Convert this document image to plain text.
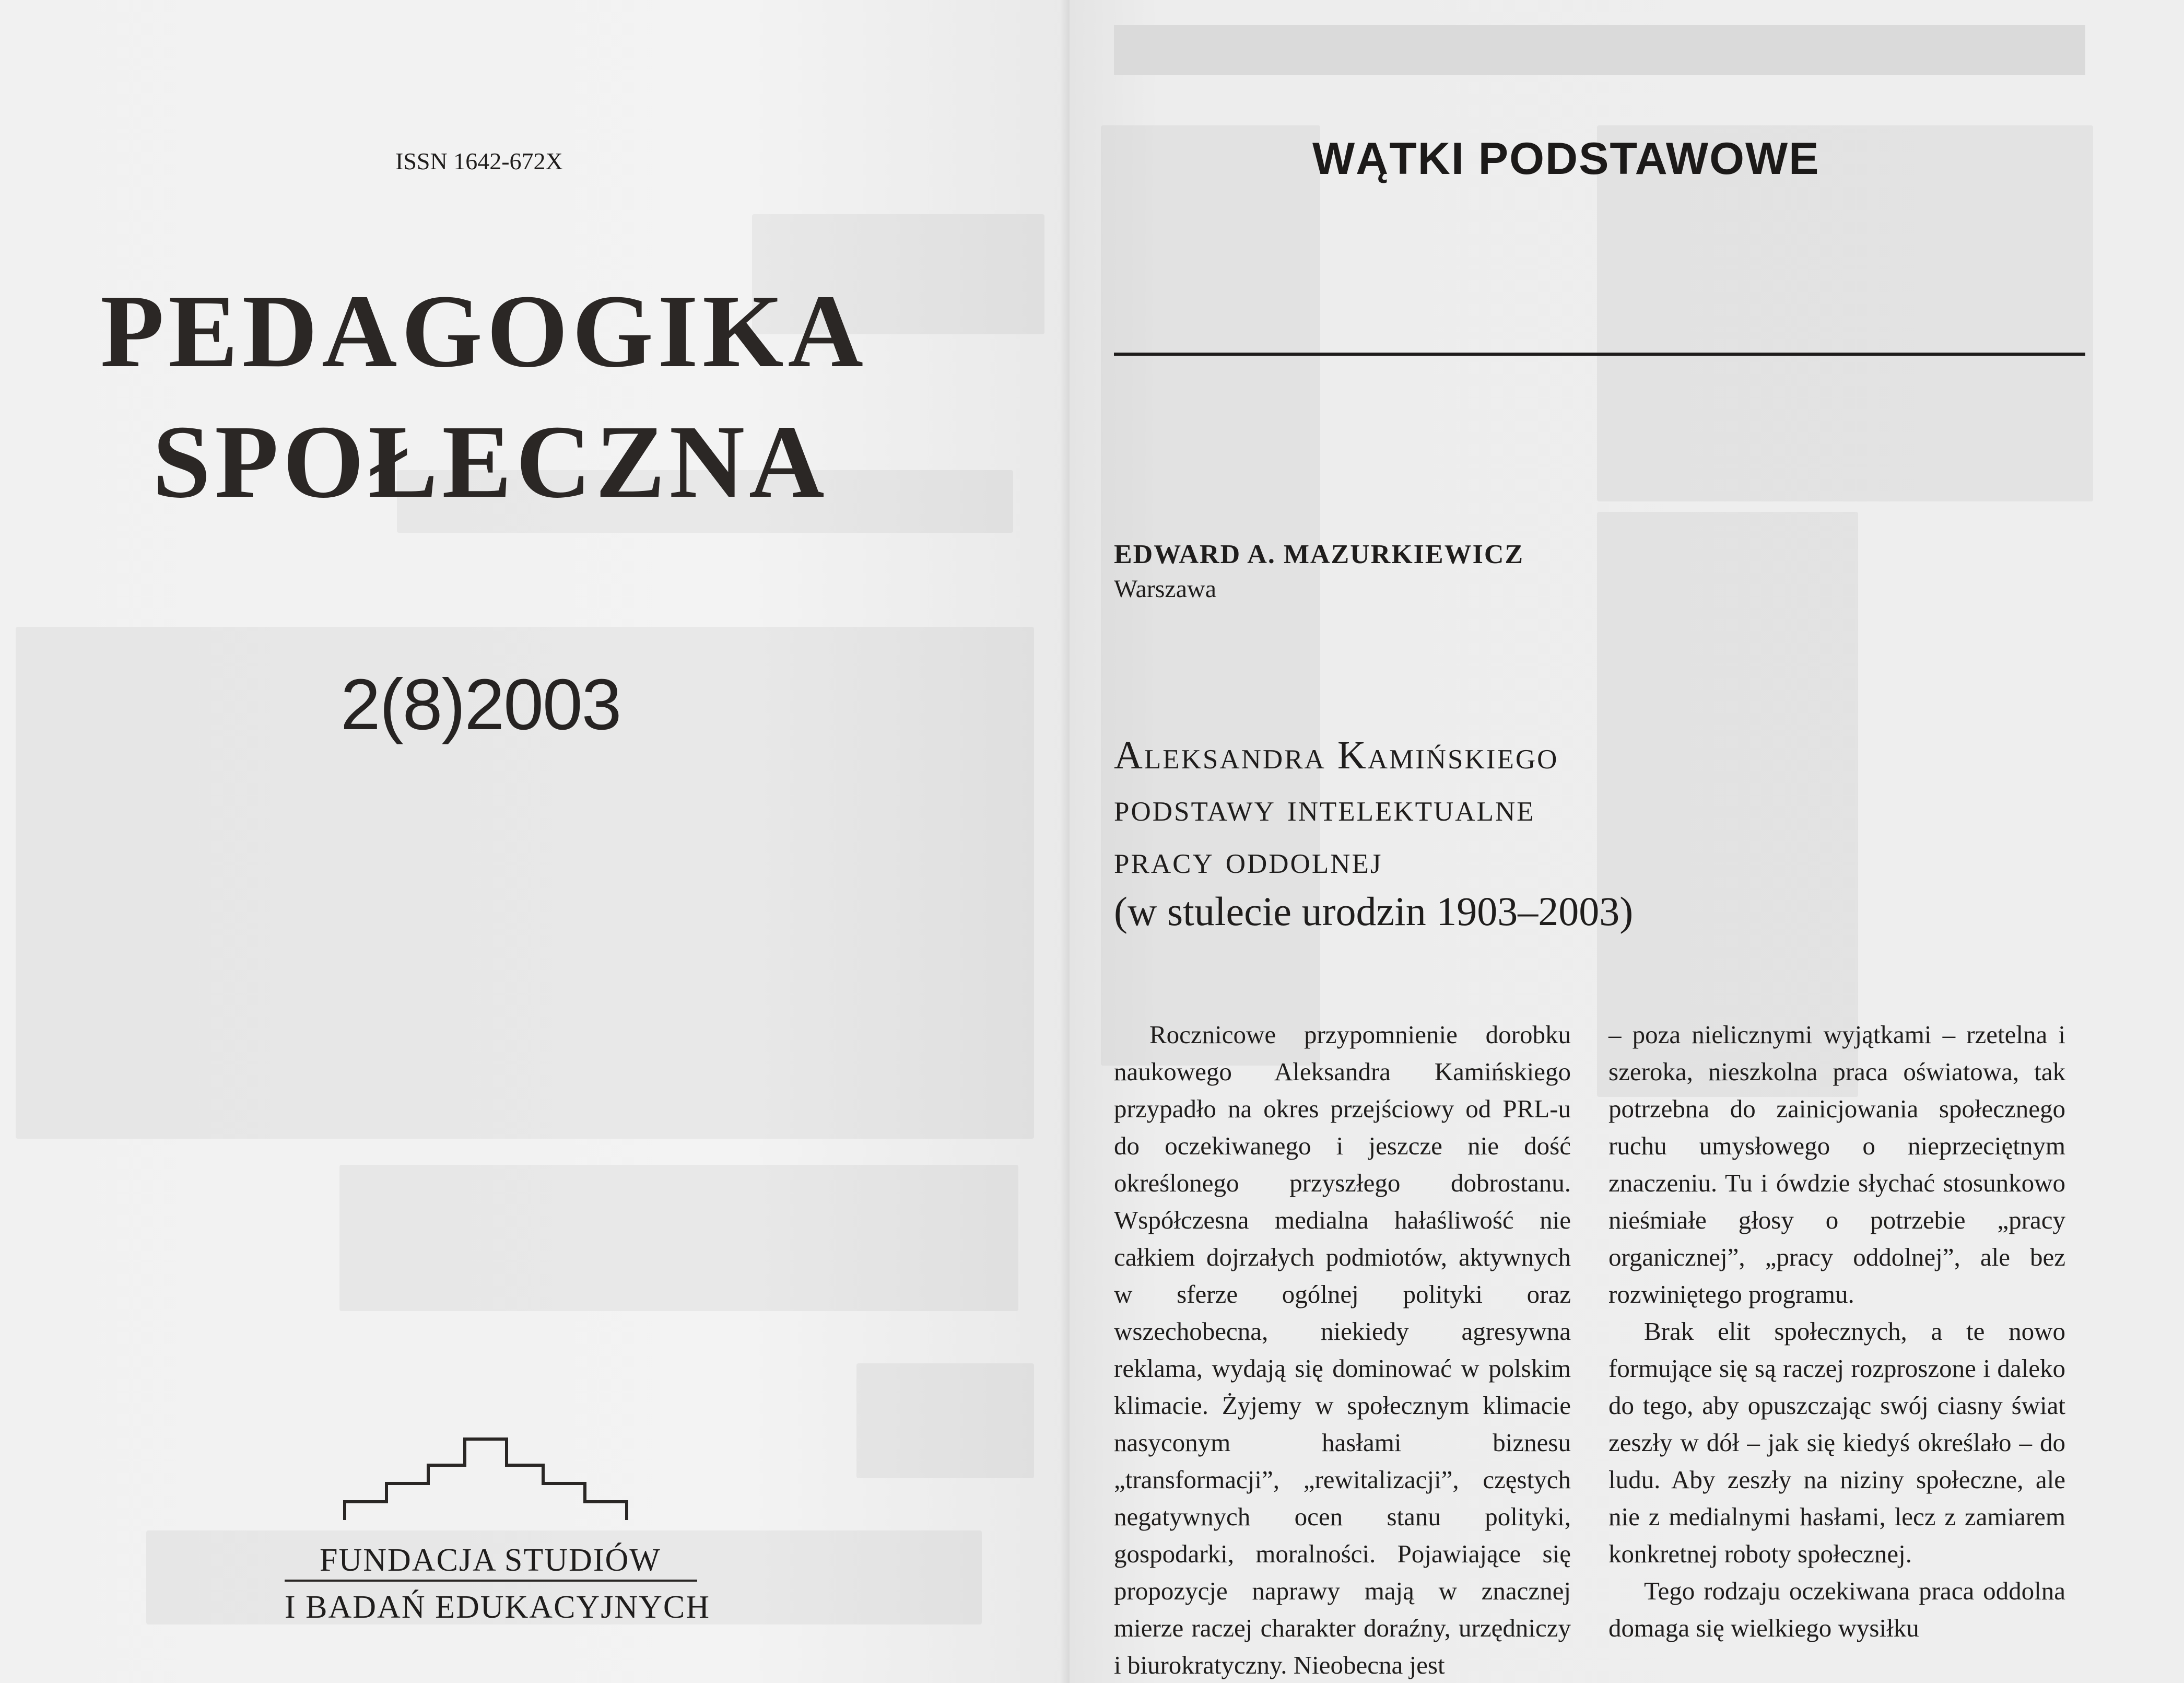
ISSN 1642-672X
PEDAGOGIKA
SPOŁECZNA
2(8)2003
FUNDACJA STUDIÓW
I BADAŃ EDUKACYJNYCH
WĄTKI PODSTAWOWE
EDWARD A. MAZURKIEWICZ
Warszawa
Aleksandra Kamińskiego
podstawy intelektualne
pracy oddolnej
(w stulecie urodzin 1903–2003)

Rocznicowe przypomnienie dorobku naukowego Aleksandra Kamińskiego przypadło na okres przejściowy od PRL-u do oczekiwanego i jeszcze nie dość określonego przyszłego dobrostanu. Współczesna medialna hałaśliwość nie całkiem dojrzałych podmiotów, aktywnych w sferze ogólnej polityki oraz wszechobecna, niekiedy agresywna reklama, wydają się dominować w polskim klimacie. Żyjemy w społecznym klimacie nasyconym hasłami biznesu „transformacji”, „rewitalizacji”, częstych negatywnych ocen stanu polityki, gospodarki, moralności. Pojawiające się propozycje naprawy mają w znacznej mierze raczej charakter doraźny, urzędniczy i biurokratyczny. Nieobecna jest

– poza nielicznymi wyjątkami – rzetelna i szeroka, nieszkolna praca oświatowa, tak potrzebna do zainicjowania społecznego ruchu umysłowego o nieprzeciętnym znaczeniu. Tu i ówdzie słychać stosunkowo nieśmiałe głosy o potrzebie „pracy organicznej”, „pracy oddolnej”, ale bez rozwiniętego programu.

Brak elit społecznych, a te nowo formujące się są raczej rozproszone i daleko do tego, aby opuszczając swój ciasny świat zeszły w dół – jak się kiedyś określało – do ludu. Aby zeszły na niziny społeczne, ale nie z medialnymi hasłami, lecz z zamiarem konkretnej roboty społecznej.

Tego rodzaju oczekiwana praca oddolna domaga się wielkiego wysiłku
